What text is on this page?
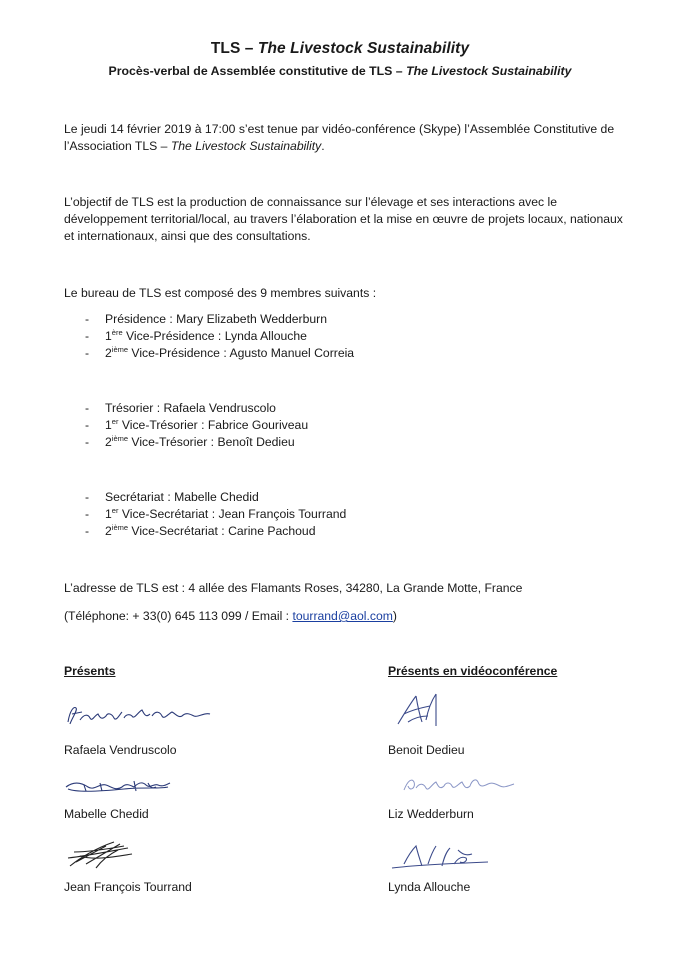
TLS – The Livestock Sustainability
Procès-verbal de Assemblée constitutive de TLS – The Livestock Sustainability
Le jeudi 14 février 2019 à 17:00 s’est tenue par vidéo-conférence (Skype) l’Assemblée Constitutive de l’Association TLS – The Livestock Sustainability.
L’objectif de TLS est la production de connaissance sur l’élevage et ses interactions avec le développement territorial/local, au travers l’élaboration et la mise en œuvre de projets locaux, nationaux et internationaux, ainsi que des consultations.
Le bureau de TLS est composé des 9 membres suivants :
- Présidence : Mary Elizabeth Wedderburn
- 1ère Vice-Présidence : Lynda Allouche
- 2ième Vice-Présidence : Agusto Manuel Correia
- Trésorier : Rafaela Vendruscolo
- 1er Vice-Trésorier : Fabrice Gouriveau
- 2ième Vice-Trésorier : Benoît Dedieu
- Secrétariat : Mabelle Chedid
- 1er Vice-Secrétariat : Jean François Tourrand
- 2ième Vice-Secrétariat : Carine Pachoud
L’adresse de TLS est : 4 allée des Flamants Roses, 34280, La Grande Motte, France
(Téléphone: + 33(0) 645 113 099 / Email : tourrand@aol.com)
Présents	Présents en vidéoconférence
Rafaela Vendruscolo
Mabelle Chedid
Jean François Tourrand
Benoit Dedieu
Liz Wedderburn
Lynda Allouche
